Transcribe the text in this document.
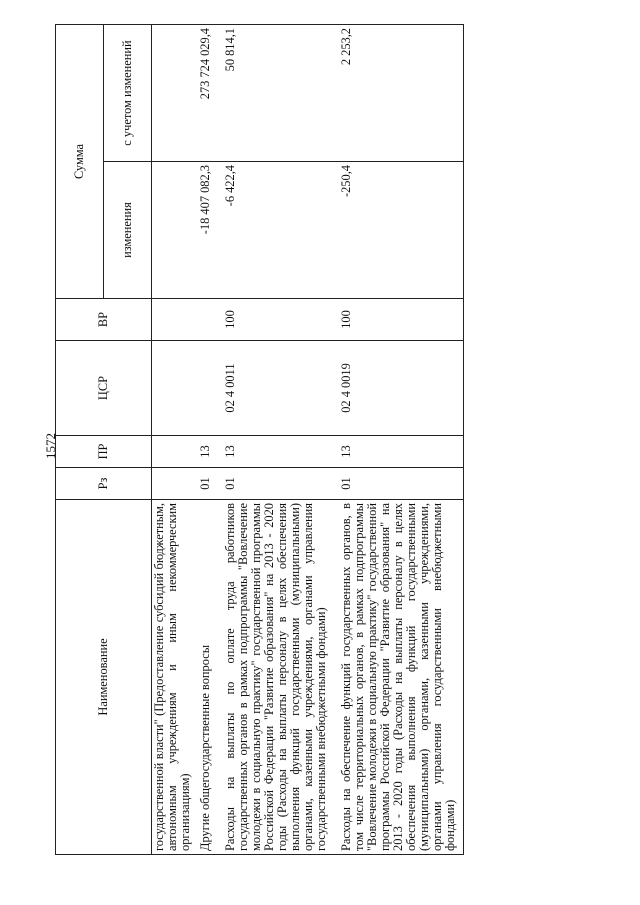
1572
Наименование	Рз	ПР	ЦСР	ВР	Сумма	
					изменения	с учетом изменений
государственной власти" (Предоставление субсидий бюджетным, автономным учреждениям и иным некоммерческим организациям)						
Другие общегосударственные вопросы	01	13			-18 407 082,3	273 724 029,4
Расходы на выплаты по оплате труда работников государственных органов в рамках подпрограммы "Вовлечение молодежи в социальную практику" государственной программы Российской Федерации "Развитие образования" на 2013 - 2020 годы (Расходы на выплаты персоналу в целях обеспечения выполнения функций государственными (муниципальными) органами, казенными учреждениями, органами управления государственными внебюджетными фондами)	01	13	02 4 0011	100	-6 422,4	50 814,1
Расходы на обеспечение функций государственных органов, в том числе территориальных органов, в рамках подпрограммы "Вовлечение молодежи в социальную практику" государственной программы Российской Федерации "Развитие образования" на 2013 - 2020 годы (Расходы на выплаты персоналу в целях обеспечения выполнения функций государственными (муниципальными) органами, казенными учреждениями, органами управления государственными внебюджетными фондами)	01	13	02 4 0019	100	-250,4	2 253,2
